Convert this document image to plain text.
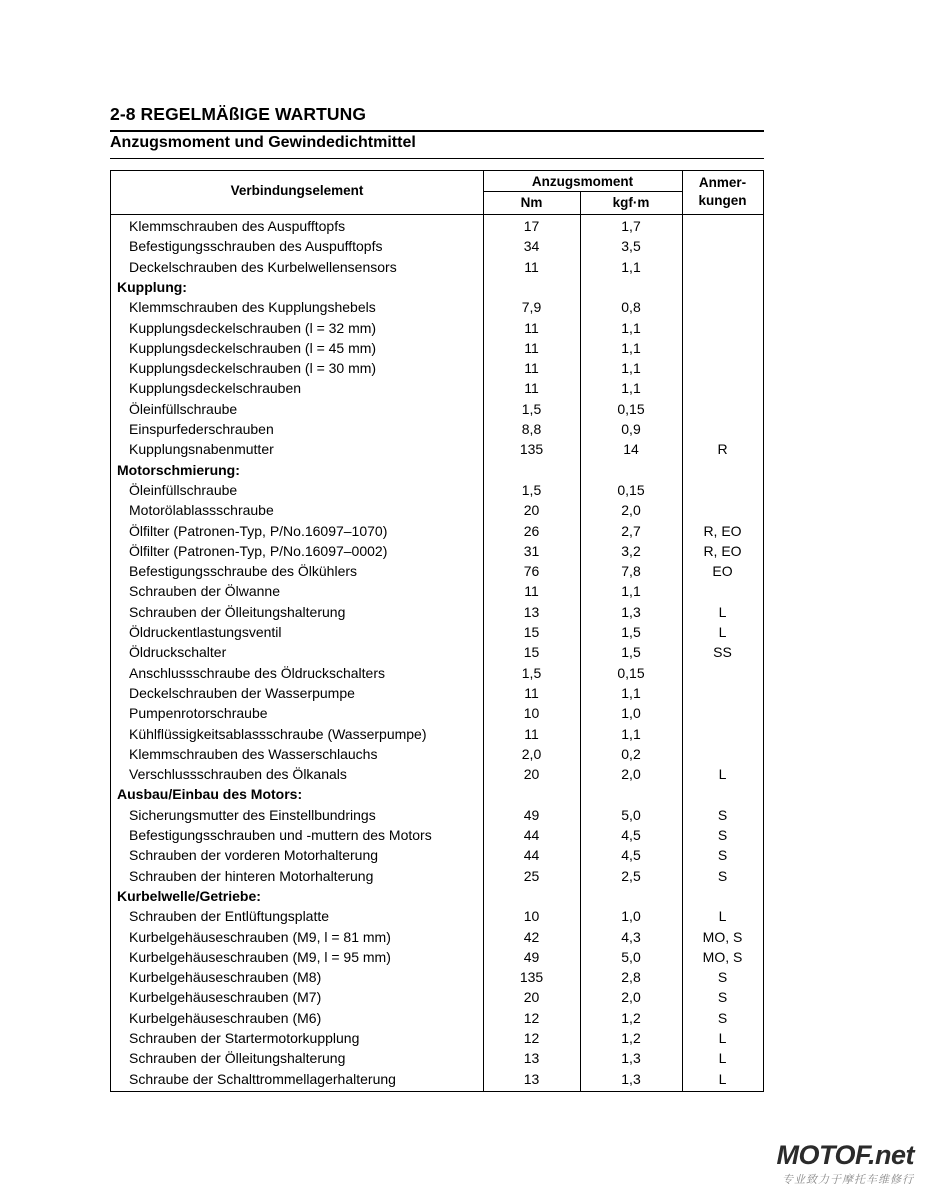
2-8 REGELMÄßIGE WARTUNG
Anzugsmoment und Gewindedichtmittel
Verbindungselement
Anzugsmoment
Nm	kgf·m
Anmer-
kungen
Klemmschrauben des Auspufftopfs	17	1,7
Befestigungsschrauben des Auspufftopfs	34	3,5
Deckelschrauben des Kurbelwellensensors	11	1,1
Kupplung:
Klemmschrauben des Kupplungshebels	7,9	0,8
Kupplungsdeckelschrauben (l = 32 mm)	11	1,1
Kupplungsdeckelschrauben (l = 45 mm)	11	1,1
Kupplungsdeckelschrauben (l = 30 mm)	11	1,1
Kupplungsdeckelschrauben	11	1,1
Öleinfüllschraube	1,5	0,15
Einspurfederschrauben	8,8	0,9
Kupplungsnabenmutter	135	14	R
Motorschmierung:
Öleinfüllschraube	1,5	0,15
Motorölablassschraube	20	2,0
Ölfilter (Patronen-Typ, P/No.16097–1070)	26	2,7	R, EO
Ölfilter (Patronen-Typ, P/No.16097–0002)	31	3,2	R, EO
Befestigungsschraube des Ölkühlers	76	7,8	EO
Schrauben der Ölwanne	11	1,1
Schrauben der Ölleitungshalterung	13	1,3	L
Öldruckentlastungsventil	15	1,5	L
Öldruckschalter	15	1,5	SS
Anschlussschraube des Öldruckschalters	1,5	0,15
Deckelschrauben der Wasserpumpe	11	1,1
Pumpenrotorschraube	10	1,0
Kühlflüssigkeitsablassschraube (Wasserpumpe)	11	1,1
Klemmschrauben des Wasserschlauchs	2,0	0,2
Verschlussschrauben des Ölkanals	20	2,0	L
Ausbau/Einbau des Motors:
Sicherungsmutter des Einstellbundrings	49	5,0	S
Befestigungsschrauben und -muttern des Motors	44	4,5	S
Schrauben der vorderen Motorhalterung	44	4,5	S
Schrauben der hinteren Motorhalterung	25	2,5	S
Kurbelwelle/Getriebe:
Schrauben der Entlüftungsplatte	10	1,0	L
Kurbelgehäuseschrauben (M9, l = 81 mm)	42	4,3	MO, S
Kurbelgehäuseschrauben (M9, l = 95 mm)	49	5,0	MO, S
Kurbelgehäuseschrauben (M8)	135	2,8	S
Kurbelgehäuseschrauben (M7)	20	2,0	S
Kurbelgehäuseschrauben (M6)	12	1,2	S
Schrauben der Startermotorkupplung	12	1,2	L
Schrauben der Ölleitungshalterung	13	1,3	L
Schraube der Schalttrommellagerhalterung	13	1,3	L
MOTOF.net
专业致力于摩托车维修行
